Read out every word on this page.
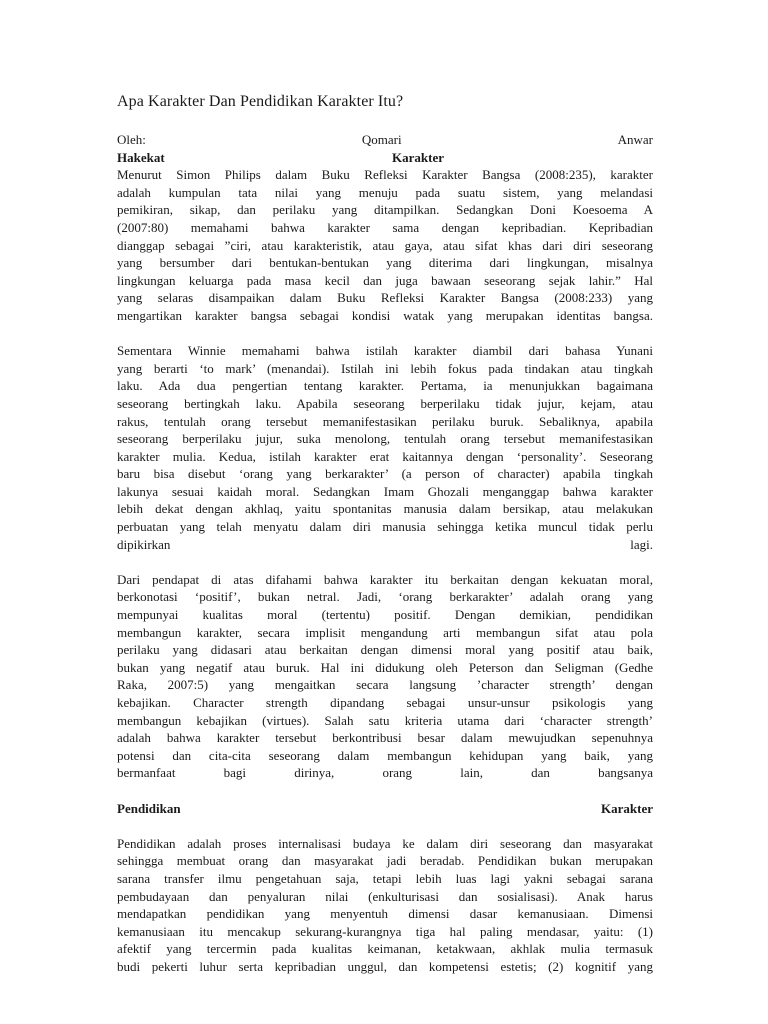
Apa Karakter Dan Pendidikan Karakter Itu?
Oleh:	Qomari	Anwar
Hakekat	Karakter
Menurut Simon Philips dalam Buku Refleksi Karakter Bangsa (2008:235), karakter
adalah kumpulan tata nilai yang menuju pada suatu sistem, yang melandasi
pemikiran, sikap, dan perilaku yang ditampilkan. Sedangkan Doni Koesoema A
(2007:80) memahami bahwa karakter sama dengan kepribadian. Kepribadian
dianggap sebagai ”ciri, atau karakteristik, atau gaya, atau sifat khas dari diri seseorang
yang bersumber dari bentukan-bentukan yang diterima dari lingkungan, misalnya
lingkungan keluarga pada masa kecil dan juga bawaan seseorang sejak lahir.” Hal
yang selaras disampaikan dalam Buku Refleksi Karakter Bangsa (2008:233) yang
mengartikan karakter bangsa sebagai kondisi watak yang merupakan identitas bangsa.
Sementara Winnie memahami bahwa istilah karakter diambil dari bahasa Yunani
yang berarti ‘to mark’ (menandai). Istilah ini lebih fokus pada tindakan atau tingkah
laku. Ada dua pengertian tentang karakter. Pertama, ia menunjukkan bagaimana
seseorang bertingkah laku. Apabila seseorang berperilaku tidak jujur, kejam, atau
rakus, tentulah orang tersebut memanifestasikan perilaku buruk. Sebaliknya, apabila
seseorang berperilaku jujur, suka menolong, tentulah orang tersebut memanifestasikan
karakter mulia. Kedua, istilah karakter erat kaitannya dengan ‘personality’. Seseorang
baru bisa disebut ‘orang yang berkarakter’ (a person of character) apabila tingkah
lakunya sesuai kaidah moral. Sedangkan Imam Ghozali menganggap bahwa karakter
lebih dekat dengan akhlaq, yaitu spontanitas manusia dalam bersikap, atau melakukan
perbuatan yang telah menyatu dalam diri manusia sehingga ketika muncul tidak perlu
dipikirkan	lagi.
Dari pendapat di atas difahami bahwa karakter itu berkaitan dengan kekuatan moral,
berkonotasi ‘positif’, bukan netral. Jadi, ‘orang berkarakter’ adalah orang yang
mempunyai kualitas moral (tertentu) positif. Dengan demikian, pendidikan
membangun karakter, secara implisit mengandung arti membangun sifat atau pola
perilaku yang didasari atau berkaitan dengan dimensi moral yang positif atau baik,
bukan yang negatif atau buruk. Hal ini didukung oleh Peterson dan Seligman (Gedhe
Raka, 2007:5) yang mengaitkan secara langsung ’character strength’ dengan
kebajikan. Character strength dipandang sebagai unsur-unsur psikologis yang
membangun kebajikan (virtues). Salah satu kriteria utama dari ‘character strength’
adalah bahwa karakter tersebut berkontribusi besar dalam mewujudkan sepenuhnya
potensi dan cita-cita seseorang dalam membangun kehidupan yang baik, yang
bermanfaat	bagi	dirinya,	orang	lain,	dan	bangsanya
Pendidikan	Karakter
Pendidikan adalah proses internalisasi budaya ke dalam diri seseorang dan masyarakat
sehingga membuat orang dan masyarakat jadi beradab. Pendidikan bukan merupakan
sarana transfer ilmu pengetahuan saja, tetapi lebih luas lagi yakni sebagai sarana
pembudayaan dan penyaluran nilai (enkulturisasi dan sosialisasi). Anak harus
mendapatkan pendidikan yang menyentuh dimensi dasar kemanusiaan. Dimensi
kemanusiaan itu mencakup sekurang-kurangnya tiga hal paling mendasar, yaitu: (1)
afektif yang tercermin pada kualitas keimanan, ketakwaan, akhlak mulia termasuk
budi pekerti luhur serta kepribadian unggul, dan kompetensi estetis; (2) kognitif yang
